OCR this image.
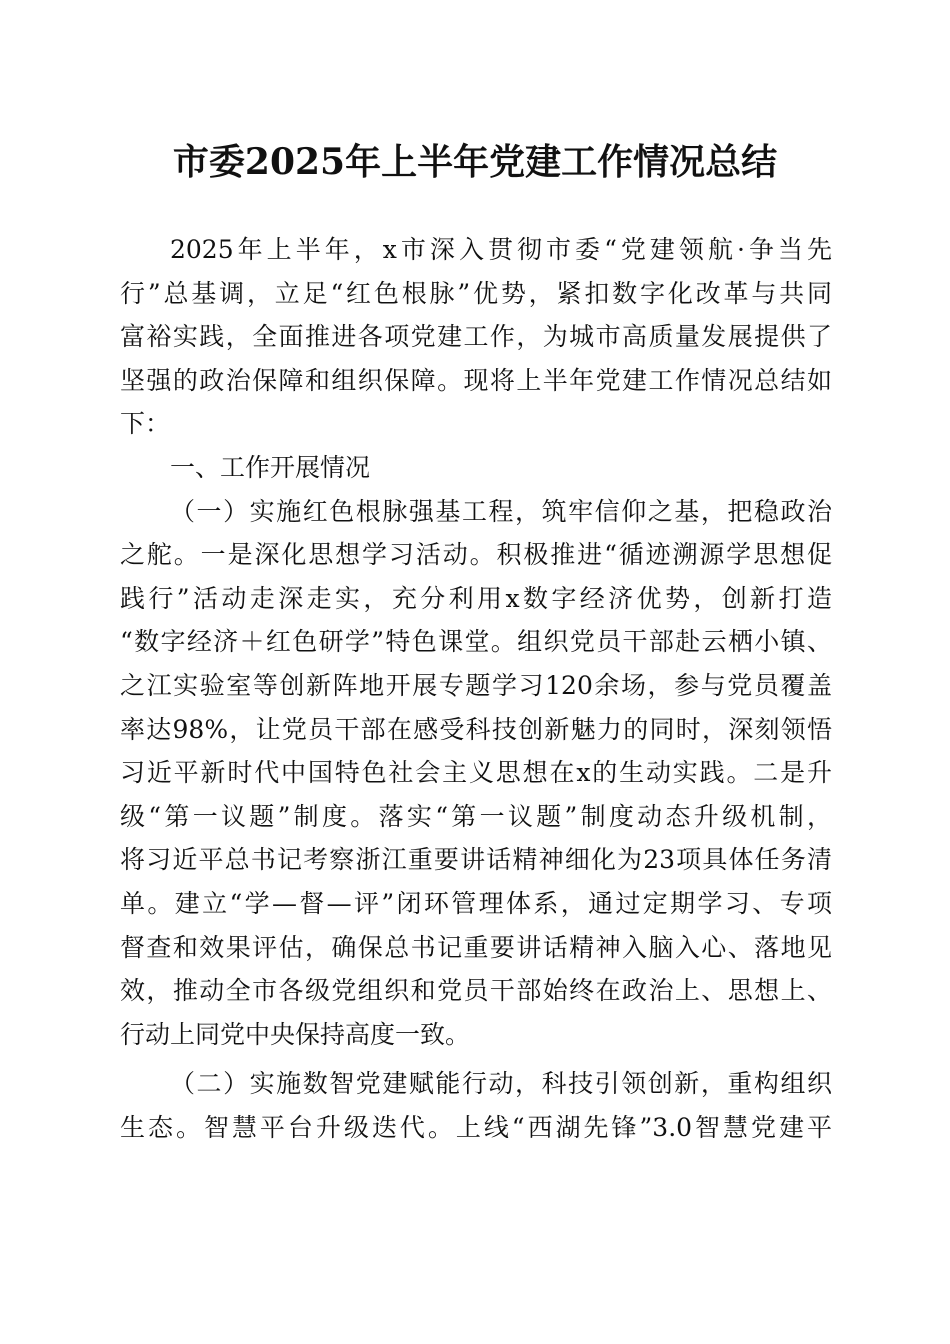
市委2025年上半年党建工作情况总结
2025年上半年，x市深入贯彻市委“党建领航·争当先
行”总基调，立足“红色根脉”优势，紧扣数字化改革与共同
富裕实践，全面推进各项党建工作，为城市高质量发展提供了
坚强的政治保障和组织保障。现将上半年党建工作情况总结如
下：
一、工作开展情况
（一）实施红色根脉强基工程，筑牢信仰之基，把稳政治
之舵。一是深化思想学习活动。积极推进“循迹溯源学思想促
践行”活动走深走实，充分利用x数字经济优势，创新打造
“数字经济＋红色研学”特色课堂。组织党员干部赴云栖小镇、
之江实验室等创新阵地开展专题学习120余场，参与党员覆盖
率达98%，让党员干部在感受科技创新魅力的同时，深刻领悟
习近平新时代中国特色社会主义思想在x的生动实践。二是升
级“第一议题”制度。落实“第一议题”制度动态升级机制，
将习近平总书记考察浙江重要讲话精神细化为23项具体任务清
单。建立“学—督—评”闭环管理体系，通过定期学习、专项
督查和效果评估，确保总书记重要讲话精神入脑入心、落地见
效，推动全市各级党组织和党员干部始终在政治上、思想上、
行动上同党中央保持高度一致。
（二）实施数智党建赋能行动，科技引领创新，重构组织
生态。智慧平台升级迭代。上线“西湖先锋”3.0智慧党建平
